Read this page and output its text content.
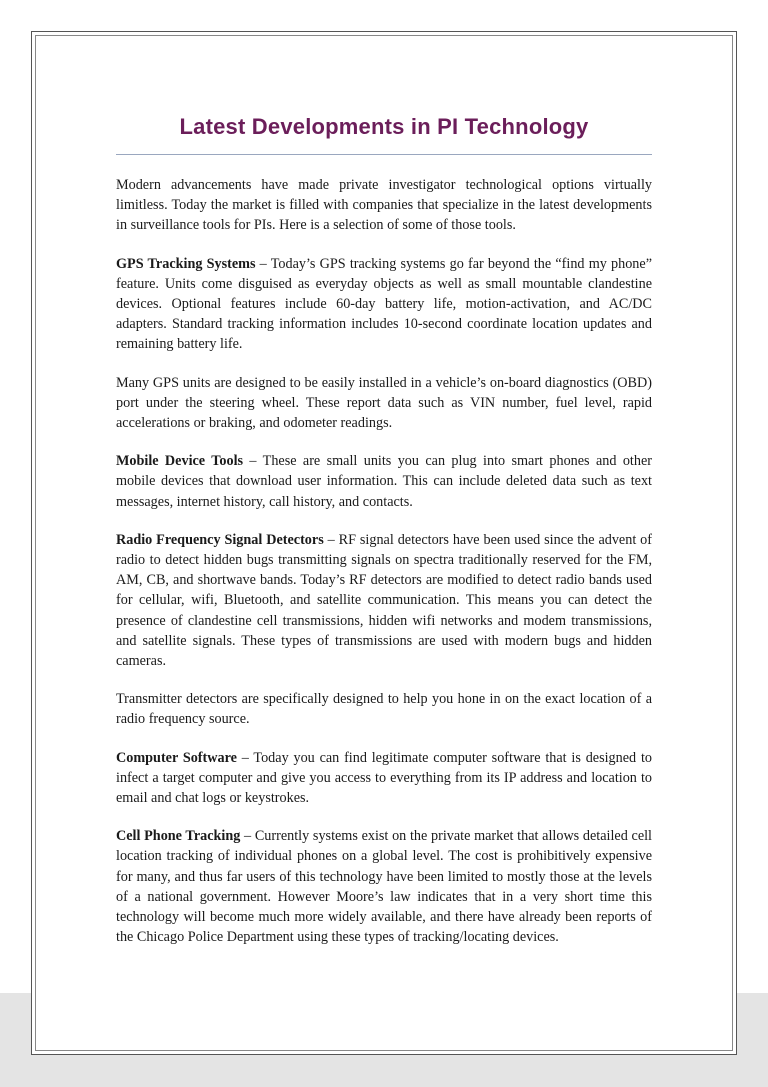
Latest Developments in PI Technology

Modern advancements have made private investigator technological options virtually limitless. Today the market is filled with companies that specialize in the latest developments in surveillance tools for PIs. Here is a selection of some of those tools.

GPS Tracking Systems – Today’s GPS tracking systems go far beyond the “find my phone” feature. Units come disguised as everyday objects as well as small mountable clandestine devices. Optional features include 60-day battery life, motion-activation, and AC/DC adapters. Standard tracking information includes 10-second coordinate location updates and remaining battery life.

Many GPS units are designed to be easily installed in a vehicle’s on-board diagnostics (OBD) port under the steering wheel. These report data such as VIN number, fuel level, rapid accelerations or braking, and odometer readings.

Mobile Device Tools – These are small units you can plug into smart phones and other mobile devices that download user information. This can include deleted data such as text messages, internet history, call history, and contacts.

Radio Frequency Signal Detectors – RF signal detectors have been used since the advent of radio to detect hidden bugs transmitting signals on spectra traditionally reserved for the FM, AM, CB, and shortwave bands. Today’s RF detectors are modified to detect radio bands used for cellular, wifi, Bluetooth, and satellite communication. This means you can detect the presence of clandestine cell transmissions, hidden wifi networks and modem transmissions, and satellite signals. These types of transmissions are used with modern bugs and hidden cameras.

Transmitter detectors are specifically designed to help you hone in on the exact location of a radio frequency source.

Computer Software – Today you can find legitimate computer software that is designed to infect a target computer and give you access to everything from its IP address and location to email and chat logs or keystrokes.

Cell Phone Tracking – Currently systems exist on the private market that allows detailed cell location tracking of individual phones on a global level. The cost is prohibitively expensive for many, and thus far users of this technology have been limited to mostly those at the levels of a national government. However Moore’s law indicates that in a very short time this technology will become much more widely available, and there have already been reports of the Chicago Police Department using these types of tracking/locating devices.
